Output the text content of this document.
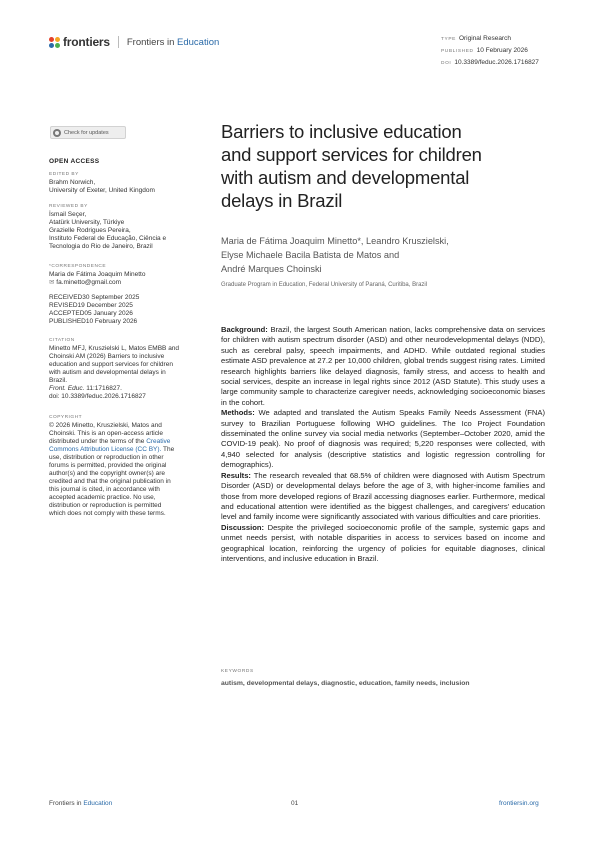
frontiers Frontiers in Education	TYPE Original Research
PUBLISHED 10 February 2026
DOI 10.3389/feduc.2026.1716827
Check for updates
OPEN ACCESS
EDITED BY
Brahm Norwich,
University of Exeter, United Kingdom
REVIEWED BY
İsmail Seçer,
Atatürk University, Türkiye
Grazielle Rodrigues Pereira,
Instituto Federal de Educação, Ciência e
Tecnologia do Rio de Janeiro, Brazil
*CORRESPONDENCE
Maria de Fátima Joaquim Minetto
✉ fa.minetto@gmail.com
RECEIVED30 September 2025
REVISED19 December 2025
ACCEPTED05 January 2026
PUBLISHED10 February 2026
CITATION
Minetto MFJ, Kruszielski L, Matos EMBB and
Choinski AM (2026) Barriers to inclusive
education and support services for children
with autism and developmental delays in
Brazil.
Front. Educ. 11:1716827.
doi: 10.3389/feduc.2026.1716827
COPYRIGHT
© 2026 Minetto, Kruszielski, Matos and
Choinski. This is an open-access article
distributed under the terms of the Creative
Commons Attribution License (CC BY). The
use, distribution or reproduction in other
forums is permitted, provided the original
author(s) and the copyright owner(s) are
credited and that the original publication in
this journal is cited, in accordance with
accepted academic practice. No use,
distribution or reproduction is permitted
which does not comply with these terms.
Barriers to inclusive education
and support services for children
with autism and developmental
delays in Brazil
Maria de Fátima Joaquim Minetto*, Leandro Kruszielski,
Elyse Michaele Bacila Batista de Matos and
André Marques Choinski
Graduate Program in Education, Federal University of Paraná, Curitiba, Brazil

Background: Brazil, the largest South American nation, lacks comprehensive data on services for children with autism spectrum disorder (ASD) and other neurodevelopmental delays (NDD), such as cerebral palsy, speech impairments, and ADHD. While outdated regional studies estimate ASD prevalence at 27.2 per 10,000 children, global trends suggest rising rates. Limited research highlights barriers like delayed diagnosis, family stress, and access to health and social services, despite an increase in legal rights since 2012 (ASD Statute). This study uses a large community sample to characterize caregiver needs, acknowledging socioeconomic biases in the cohort.

Methods: We adapted and translated the Autism Speaks Family Needs Assessment (FNA) survey to Brazilian Portuguese following WHO guidelines. The Ico Project Foundation disseminated the online survey via social media networks (September–October 2020, amid the COVID-19 peak). No proof of diagnosis was required; 5,220 responses were collected, with 4,940 selected for analysis (descriptive statistics and logistic regression controlling for demographics).

Results: The research revealed that 68.5% of children were diagnosed with Autism Spectrum Disorder (ASD) or developmental delays before the age of 3, with higher-income families and those from more developed regions of Brazil accessing diagnoses earlier. Furthermore, medical and educational attention were identified as the biggest challenges, and caregivers' education level and family income were significantly associated with various difficulties and care priorities.

Discussion: Despite the privileged socioeconomic profile of the sample, systemic gaps and unmet needs persist, with notable disparities in access to services based on income and geographical location, reinforcing the urgency of policies for equitable diagnoses, clinical interventions, and inclusive education in Brazil.

KEYWORDS
autism, developmental delays, diagnostic, education, family needs, inclusion
Frontiers in Education	01	frontiersin.org
